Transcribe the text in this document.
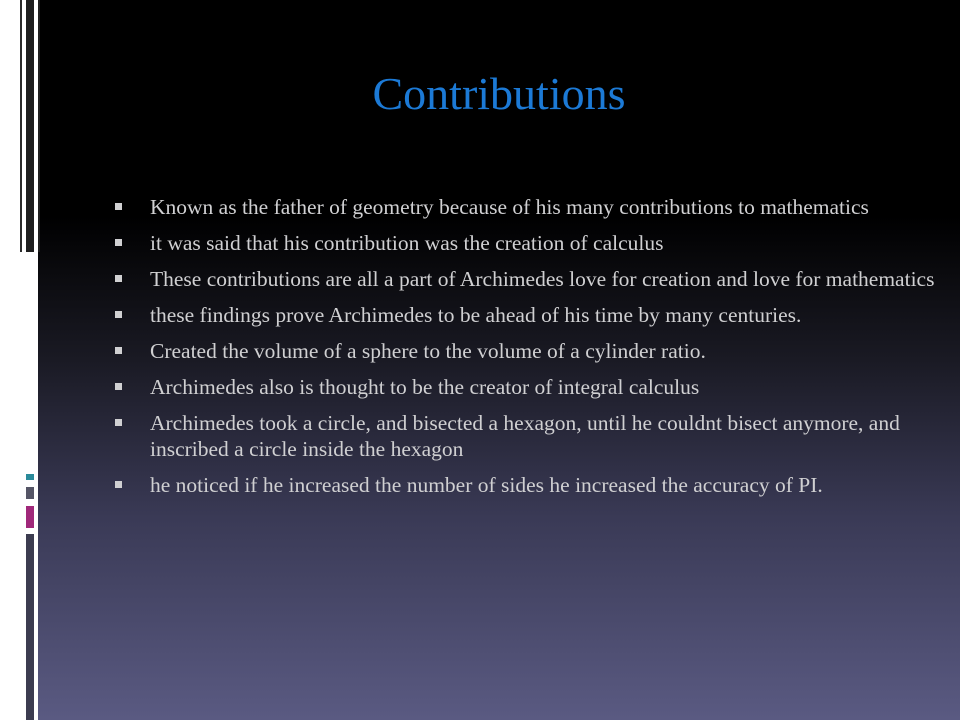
Contributions
Known as the father of geometry because of his many contributions to mathematics
it was said that his contribution was the creation of calculus
These contributions are all a part of Archimedes love for creation and love for mathematics
these findings prove Archimedes to be ahead of his time by many centuries.
Created the volume of a sphere to the volume of a cylinder ratio.
Archimedes also is thought to be the creator of integral calculus
Archimedes took a circle, and bisected a hexagon, until he couldnt bisect anymore, and inscribed a circle inside the hexagon
he noticed if he increased the number of sides he increased the accuracy of PI.
